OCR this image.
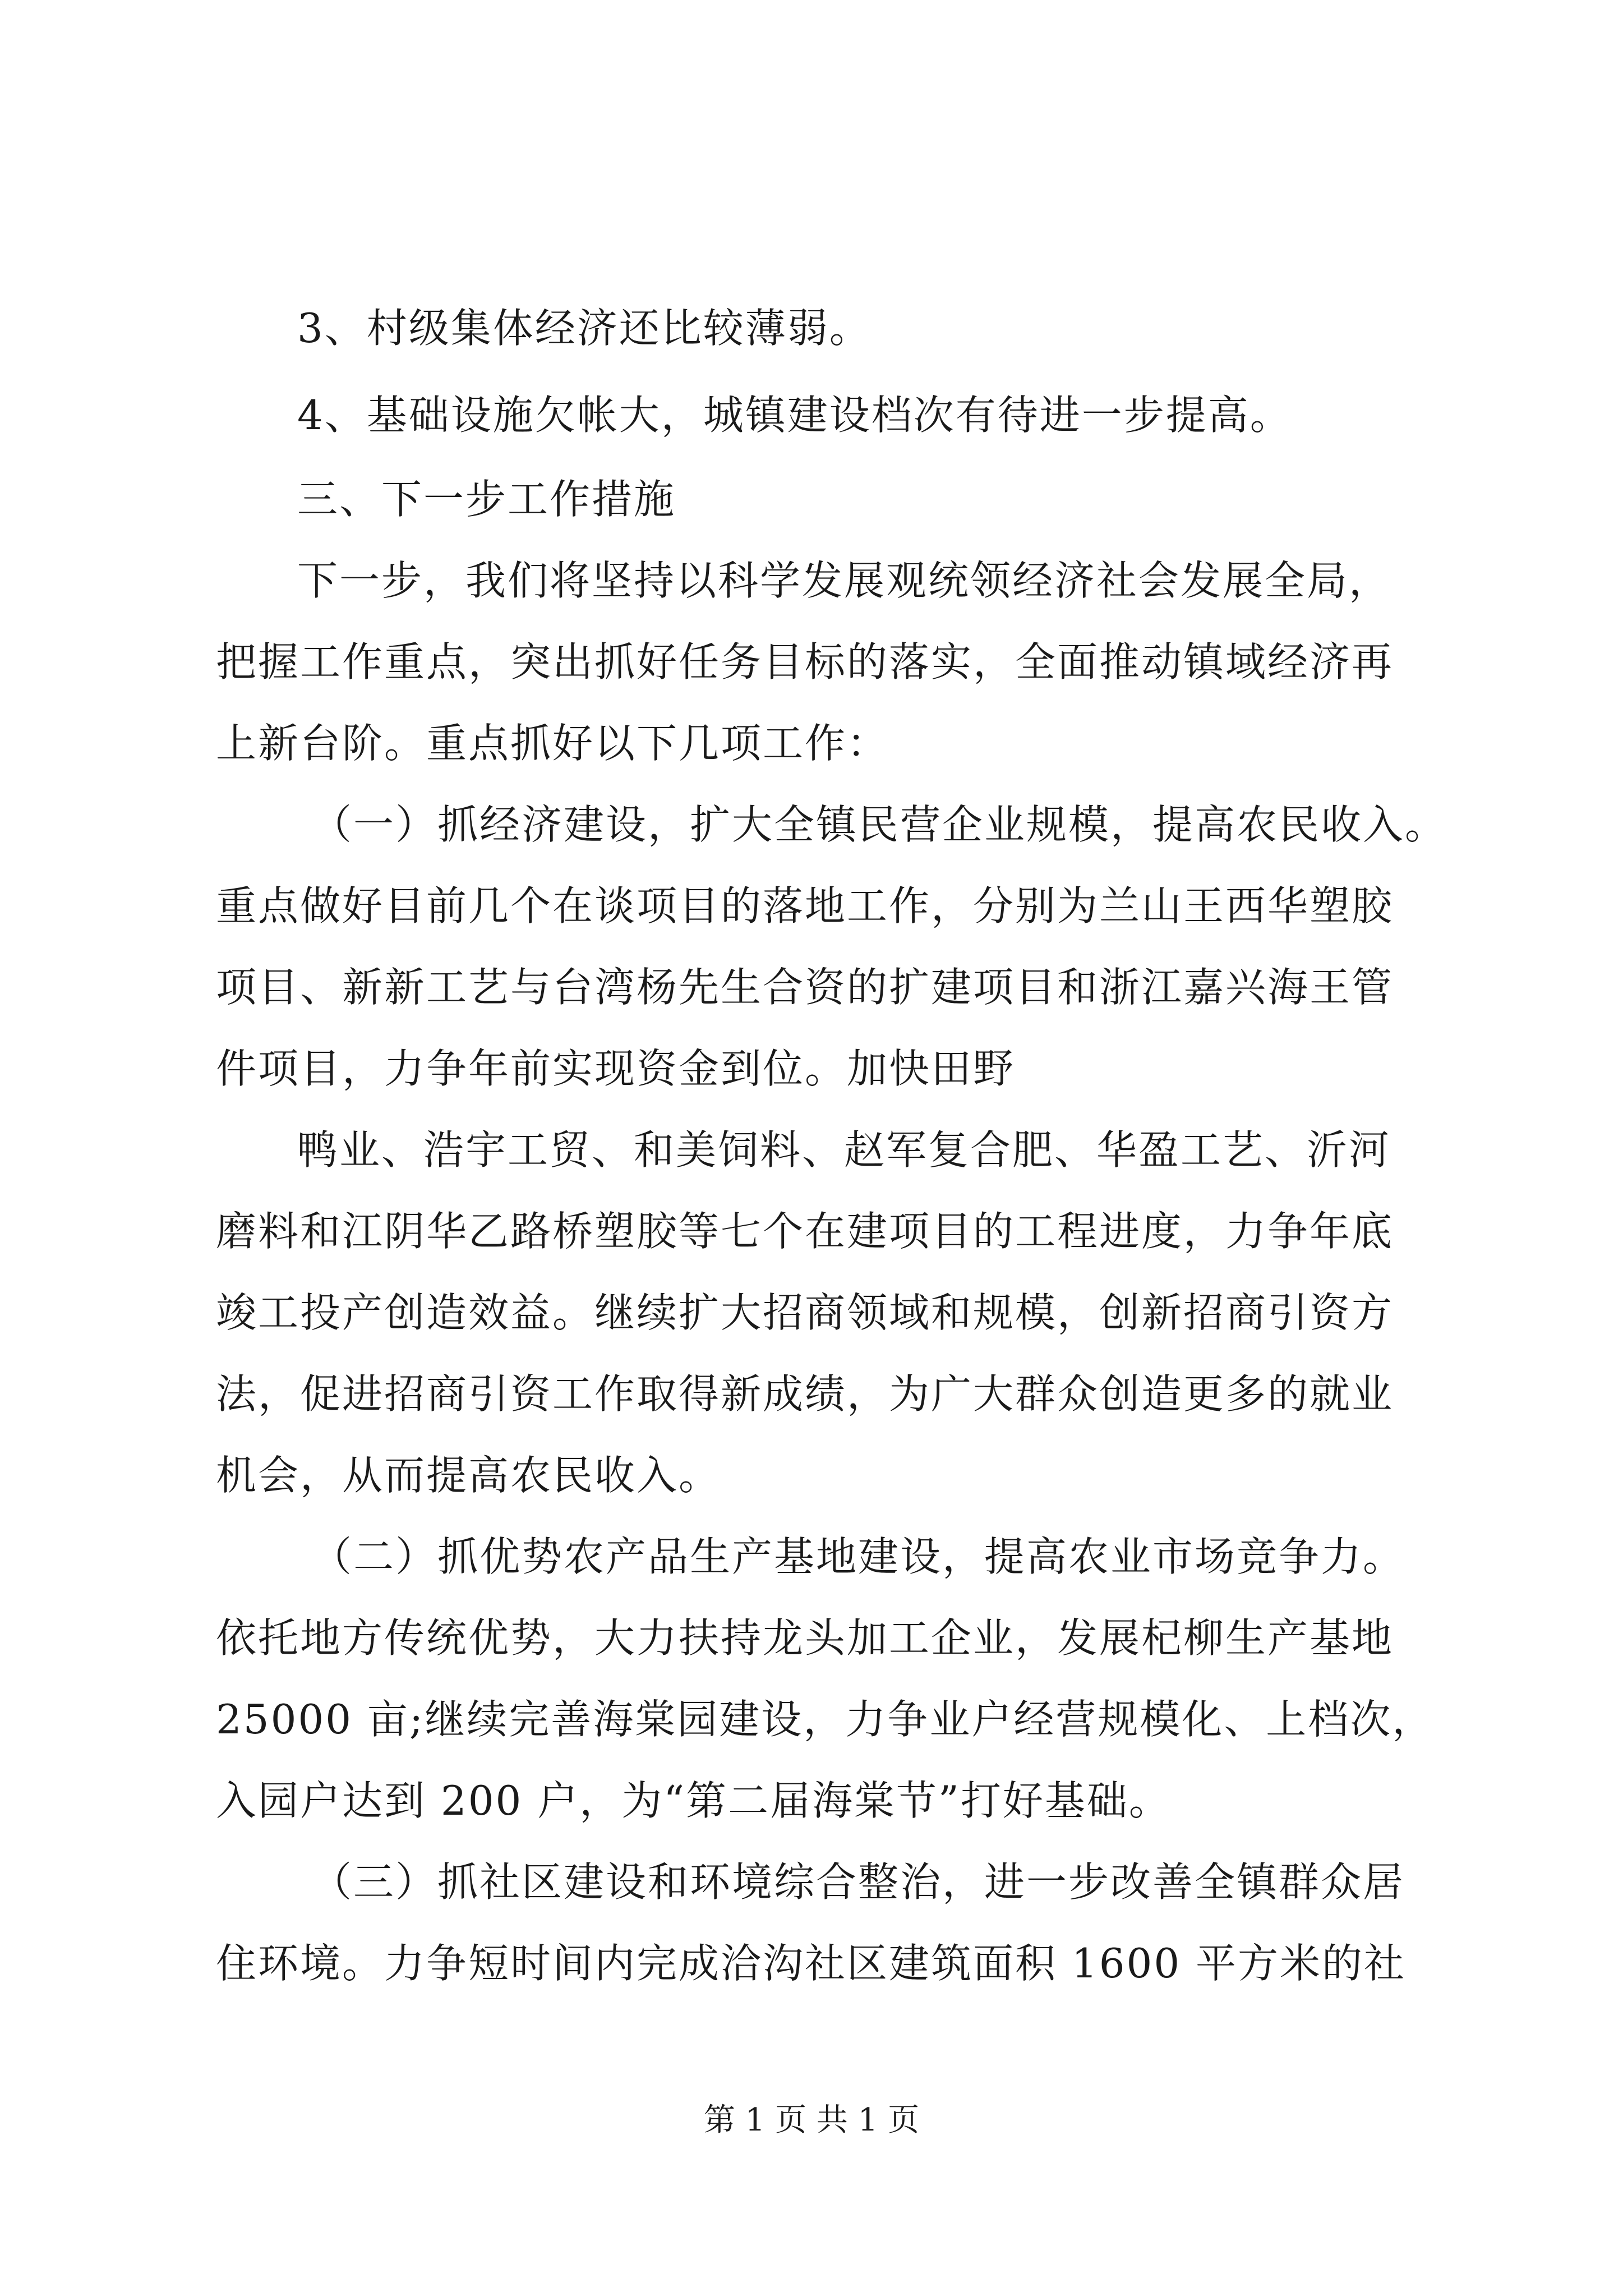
3、村级集体经济还比较薄弱。
4、基础设施欠帐大，城镇建设档次有待进一步提高。
三、下一步工作措施
下一步，我们将坚持以科学发展观统领经济社会发展全局，
把握工作重点，突出抓好任务目标的落实，全面推动镇域经济再
上新台阶。重点抓好以下几项工作：
（一）抓经济建设，扩大全镇民营企业规模，提高农民收入。
重点做好目前几个在谈项目的落地工作，分别为兰山王西华塑胶
项目、新新工艺与台湾杨先生合资的扩建项目和浙江嘉兴海王管
件项目，力争年前实现资金到位。加快田野
鸭业、浩宇工贸、和美饲料、赵军复合肥、华盈工艺、沂河
磨料和江阴华乙路桥塑胶等七个在建项目的工程进度，力争年底
竣工投产创造效益。继续扩大招商领域和规模，创新招商引资方
法，促进招商引资工作取得新成绩，为广大群众创造更多的就业
机会，从而提高农民收入。
（二）抓优势农产品生产基地建设，提高农业市场竞争力。
依托地方传统优势，大力扶持龙头加工企业，发展杞柳生产基地
25000 亩;继续完善海棠园建设，力争业户经营规模化、上档次，
入园户达到 200 户，为“第二届海棠节”打好基础。
（三）抓社区建设和环境综合整治，进一步改善全镇群众居
住环境。力争短时间内完成洽沟社区建筑面积 1600 平方米的社
第 1 页 共 1 页
